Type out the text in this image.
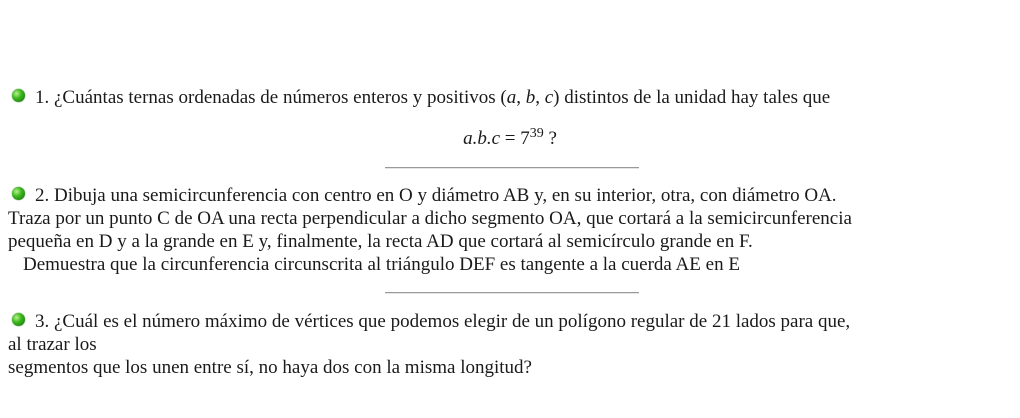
1. ¿Cuántas ternas ordenadas de números enteros y positivos (a, b, c) distintos de la unidad hay tales que
$a.b.c = 7^{39}$ ?
2. Dibuja una semicircunferencia con centro en O y diámetro AB y, en su interior, otra, con diámetro OA.
Traza por un punto C de OA una recta perpendicular a dicho segmento OA, que cortará a la semicircunferencia
pequeña en D y a la grande en E y, finalmente, la recta AD que cortará al semicírculo grande en F.
Demuestra que la circunferencia circunscrita al triángulo DEF es tangente a la cuerda AE en E
3. ¿Cuál es el número máximo de vértices que podemos elegir de un polígono regular de 21 lados para que,
al trazar los
segmentos que los unen entre sí, no haya dos con la misma longitud?
